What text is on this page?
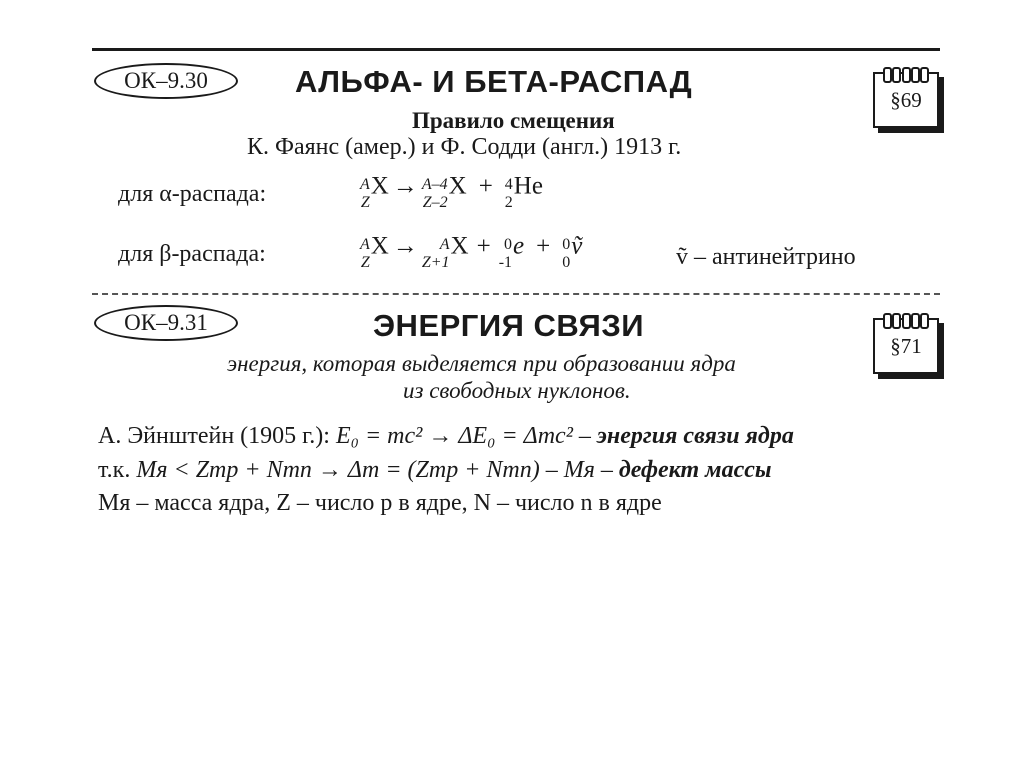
ОК–9.30	АЛЬФА- И БЕТА-РАСПАД
§69
Правило смещения
К. Фаянс (амер.) и Ф. Содди (англ.) 1913 г.
для α-распада:	A
Z
X → A–4
Z–2
X + 4
2
He
для β-распада:	A
Z
X → A
Z+1
X + 0
-1
e + 0
0
ṽ	ṽ – антинейтрино
ОК–9.31	ЭНЕРГИЯ СВЯЗИ
§71
энергия, которая выделяется при образовании ядра
из свободных нуклонов.
А. Эйнштейн (1905 г.): E₀ = mc² → ΔE₀ = Δmc² – энергия связи ядра
т.к. Mя < Zmp + Nmn → Δm = (Zmp + Nmn) – Mя – дефект массы
Mя – масса ядра, Z – число p в ядре, N – число n в ядре
